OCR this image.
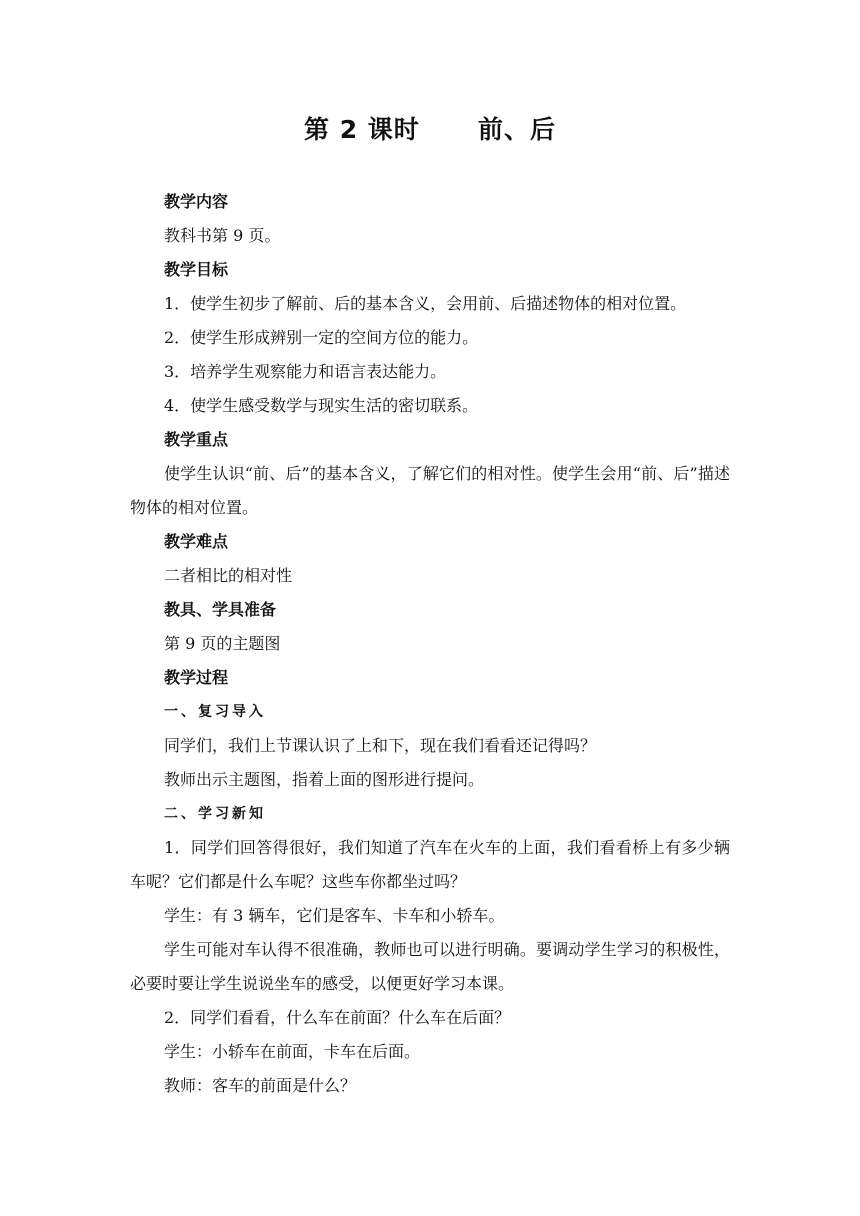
第 2 课时      前、后
教学内容
教科书第 9 页。
教学目标
1．使学生初步了解前、后的基本含义，会用前、后描述物体的相对位置。
2．使学生形成辨别一定的空间方位的能力。
3．培养学生观察能力和语言表达能力。
4．使学生感受数学与现实生活的密切联系。
教学重点
使学生认识“前、后”的基本含义，了解它们的相对性。使学生会用“前、后”描述物体的相对位置。
教学难点
二者相比的相对性
教具、学具准备
第 9 页的主题图
教学过程
一、复习导入
同学们，我们上节课认识了上和下，现在我们看看还记得吗？
教师出示主题图，指着上面的图形进行提问。
二、学习新知
1．同学们回答得很好，我们知道了汽车在火车的上面，我们看看桥上有多少辆车呢？它们都是什么车呢？这些车你都坐过吗？
学生：有 3 辆车，它们是客车、卡车和小轿车。
学生可能对车认得不很准确，教师也可以进行明确。要调动学生学习的积极性，必要时要让学生说说坐车的感受，以便更好学习本课。
2．同学们看看，什么车在前面？什么车在后面？
学生：小轿车在前面，卡车在后面。
教师：客车的前面是什么？
